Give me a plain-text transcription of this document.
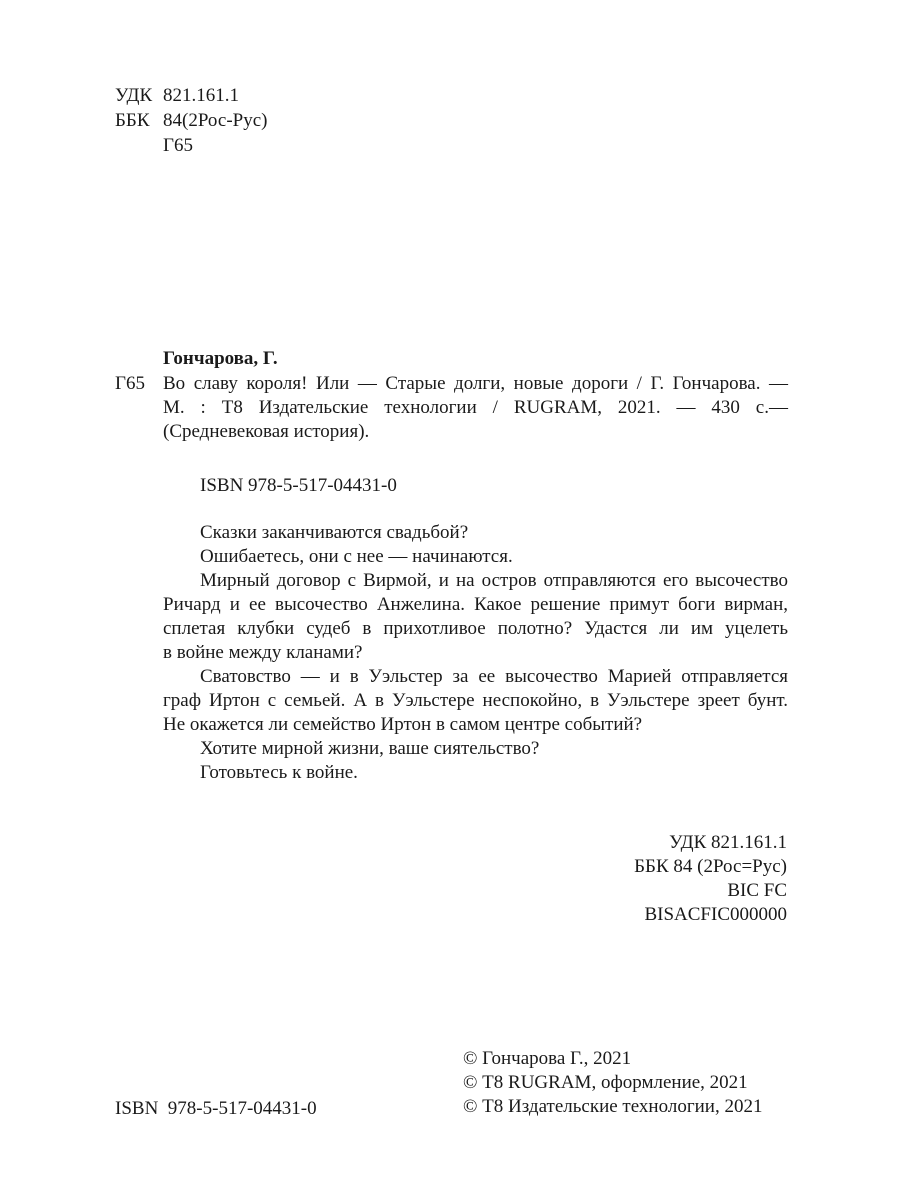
УДК 821.161.1
ББК 84(2Рос-Рус)
Г65
Гончарова, Г.
Г65 Во славу короля! Или — Старые долги, новые дороги / Г. Гончарова. —
М. : Т8 Издательские технологии / RUGRAM, 2021. — 430 с.—
(Средневековая история).
ISBN 978-5-517-04431-0

Сказки заканчиваются свадьбой?

Ошибаетесь, они с нее — начинаются.

Мирный договор с Вирмой, и на остров отправляются его высочество
Ричард и ее высочество Анжелина. Какое решение примут боги вирман,
сплетая клубки судеб в прихотливое полотно? Удастся ли им уцелеть
в войне между кланами?

Сватовство — и в Уэльстер за ее высочество Марией отправляется
граф Иртон с семьей. А в Уэльстере неспокойно, в Уэльстере зреет бунт.
Не окажется ли семейство Иртон в самом центре событий?

Хотите мирной жизни, ваше сиятельство?

Готовьтесь к войне.

УДК 821.161.1
ББК 84 (2Рос=Рус)
BIC FC
BISACFIC000000
© Гончарова Г., 2021
© Т8 RUGRAM, оформление, 2021
© Т8 Издательские технологии, 2021
ISBN  978-5-517-04431-0
